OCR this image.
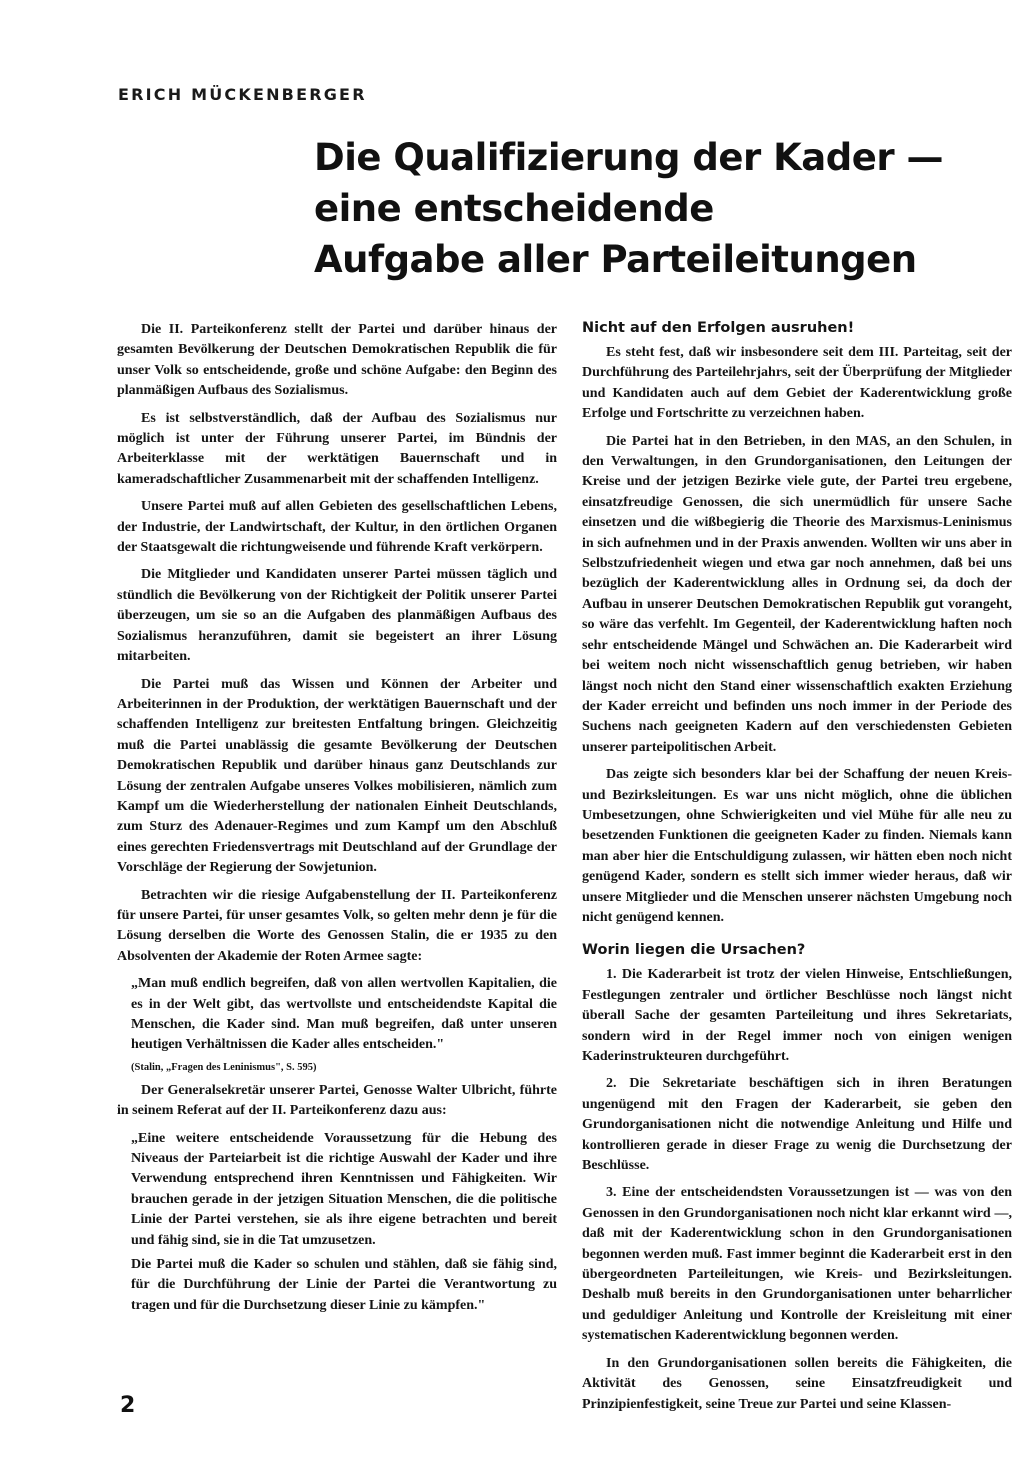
ERICH MÜCKENBERGER
Die Qualifizierung der Kader —
eine entscheidende
Aufgabe aller Parteileitungen

Die II. Parteikonferenz stellt der Partei und darüber hinaus der gesamten Bevölkerung der Deutschen Demokratischen Republik die für unser Volk so entscheidende, große und schöne Aufgabe: den Beginn des planmäßigen Aufbaus des Sozialismus.

Es ist selbstverständlich, daß der Aufbau des Sozialismus nur möglich ist unter der Führung unserer Partei, im Bündnis der Arbeiterklasse mit der werktätigen Bauernschaft und in kameradschaftlicher Zusammenarbeit mit der schaffenden Intelligenz.

Unsere Partei muß auf allen Gebieten des gesellschaftlichen Lebens, der Industrie, der Landwirtschaft, der Kultur, in den örtlichen Organen der Staatsgewalt die richtungweisende und führende Kraft verkörpern.

Die Mitglieder und Kandidaten unserer Partei müssen täglich und stündlich die Bevölkerung von der Richtigkeit der Politik unserer Partei überzeugen, um sie so an die Aufgaben des planmäßigen Aufbaus des Sozialismus heranzuführen, damit sie begeistert an ihrer Lösung mitarbeiten.

Die Partei muß das Wissen und Können der Arbeiter und Arbeiterinnen in der Produktion, der werktätigen Bauernschaft und der schaffenden Intelligenz zur breitesten Entfaltung bringen. Gleichzeitig muß die Partei unablässig die gesamte Bevölkerung der Deutschen Demokratischen Republik und darüber hinaus ganz Deutschlands zur Lösung der zentralen Aufgabe unseres Volkes mobilisieren, nämlich zum Kampf um die Wiederherstellung der nationalen Einheit Deutschlands, zum Sturz des Adenauer-Regimes und zum Kampf um den Abschluß eines gerechten Friedensvertrags mit Deutschland auf der Grundlage der Vorschläge der Regierung der Sowjetunion.

Betrachten wir die riesige Aufgabenstellung der II. Parteikonferenz für unsere Partei, für unser gesamtes Volk, so gelten mehr denn je für die Lösung derselben die Worte des Genossen Stalin, die er 1935 zu den Absolventen der Akademie der Roten Armee sagte:

„Man muß endlich begreifen, daß von allen wertvollen Kapitalien, die es in der Welt gibt, das wertvollste und entscheidendste Kapital die Menschen, die Kader sind. Man muß begreifen, daß unter unseren heutigen Verhältnissen die Kader alles entscheiden."

(Stalin, „Fragen des Leninismus", S. 595)

Der Generalsekretär unserer Partei, Genosse Walter Ulbricht, führte in seinem Referat auf der II. Parteikonferenz dazu aus:

„Eine weitere entscheidende Voraussetzung für die Hebung des Niveaus der Parteiarbeit ist die richtige Auswahl der Kader und ihre Verwendung entsprechend ihren Kenntnissen und Fähigkeiten. Wir brauchen gerade in der jetzigen Situation Menschen, die die politische Linie der Partei verstehen, sie als ihre eigene betrachten und bereit und fähig sind, sie in die Tat umzusetzen.

Die Partei muß die Kader so schulen und stählen, daß sie fähig sind, für die Durchführung der Linie der Partei die Verantwortung zu tragen und für die Durchsetzung dieser Linie zu kämpfen."

Nicht auf den Erfolgen ausruhen!

Es steht fest, daß wir insbesondere seit dem III. Parteitag, seit der Durchführung des Parteilehrjahrs, seit der Überprüfung der Mitglieder und Kandidaten auch auf dem Gebiet der Kaderentwicklung große Erfolge und Fortschritte zu verzeichnen haben.

Die Partei hat in den Betrieben, in den MAS, an den Schulen, in den Verwaltungen, in den Grundorganisationen, den Leitungen der Kreise und der jetzigen Bezirke viele gute, der Partei treu ergebene, einsatzfreudige Genossen, die sich unermüdlich für unsere Sache einsetzen und die wißbegierig die Theorie des Marxismus-Leninismus in sich aufnehmen und in der Praxis anwenden. Wollten wir uns aber in Selbstzufriedenheit wiegen und etwa gar noch annehmen, daß bei uns bezüglich der Kaderentwicklung alles in Ordnung sei, da doch der Aufbau in unserer Deutschen Demokratischen Republik gut vorangeht, so wäre das verfehlt. Im Gegenteil, der Kaderentwicklung haften noch sehr entscheidende Mängel und Schwächen an. Die Kaderarbeit wird bei weitem noch nicht wissenschaftlich genug betrieben, wir haben längst noch nicht den Stand einer wissenschaftlich exakten Erziehung der Kader erreicht und befinden uns noch immer in der Periode des Suchens nach geeigneten Kadern auf den verschiedensten Gebieten unserer parteipolitischen Arbeit.

Das zeigte sich besonders klar bei der Schaffung der neuen Kreis- und Bezirksleitungen. Es war uns nicht möglich, ohne die üblichen Umbesetzungen, ohne Schwierigkeiten und viel Mühe für alle neu zu besetzenden Funktionen die geeigneten Kader zu finden. Niemals kann man aber hier die Entschuldigung zulassen, wir hätten eben noch nicht genügend Kader, sondern es stellt sich immer wieder heraus, daß wir unsere Mitglieder und die Menschen unserer nächsten Umgebung noch nicht genügend kennen.

Worin liegen die Ursachen?

1. Die Kaderarbeit ist trotz der vielen Hinweise, Entschließungen, Festlegungen zentraler und örtlicher Beschlüsse noch längst nicht überall Sache der gesamten Parteileitung und ihres Sekretariats, sondern wird in der Regel immer noch von einigen wenigen Kaderinstrukteuren durchgeführt.

2. Die Sekretariate beschäftigen sich in ihren Beratungen ungenügend mit den Fragen der Kaderarbeit, sie geben den Grundorganisationen nicht die notwendige Anleitung und Hilfe und kontrollieren gerade in dieser Frage zu wenig die Durchsetzung der Beschlüsse.

3. Eine der entscheidendsten Voraussetzungen ist — was von den Genossen in den Grundorganisationen noch nicht klar erkannt wird —, daß mit der Kaderentwicklung schon in den Grundorganisationen begonnen werden muß. Fast immer beginnt die Kaderarbeit erst in den übergeordneten Parteileitungen, wie Kreis- und Bezirksleitungen. Deshalb muß bereits in den Grundorganisationen unter beharrlicher und geduldiger Anleitung und Kontrolle der Kreisleitung mit einer systematischen Kaderentwicklung begonnen werden.

In den Grundorganisationen sollen bereits die Fähigkeiten, die Aktivität des Genossen, seine Einsatzfreudigkeit und Prinzipienfestigkeit, seine Treue zur Partei und seine Klassen-

2
